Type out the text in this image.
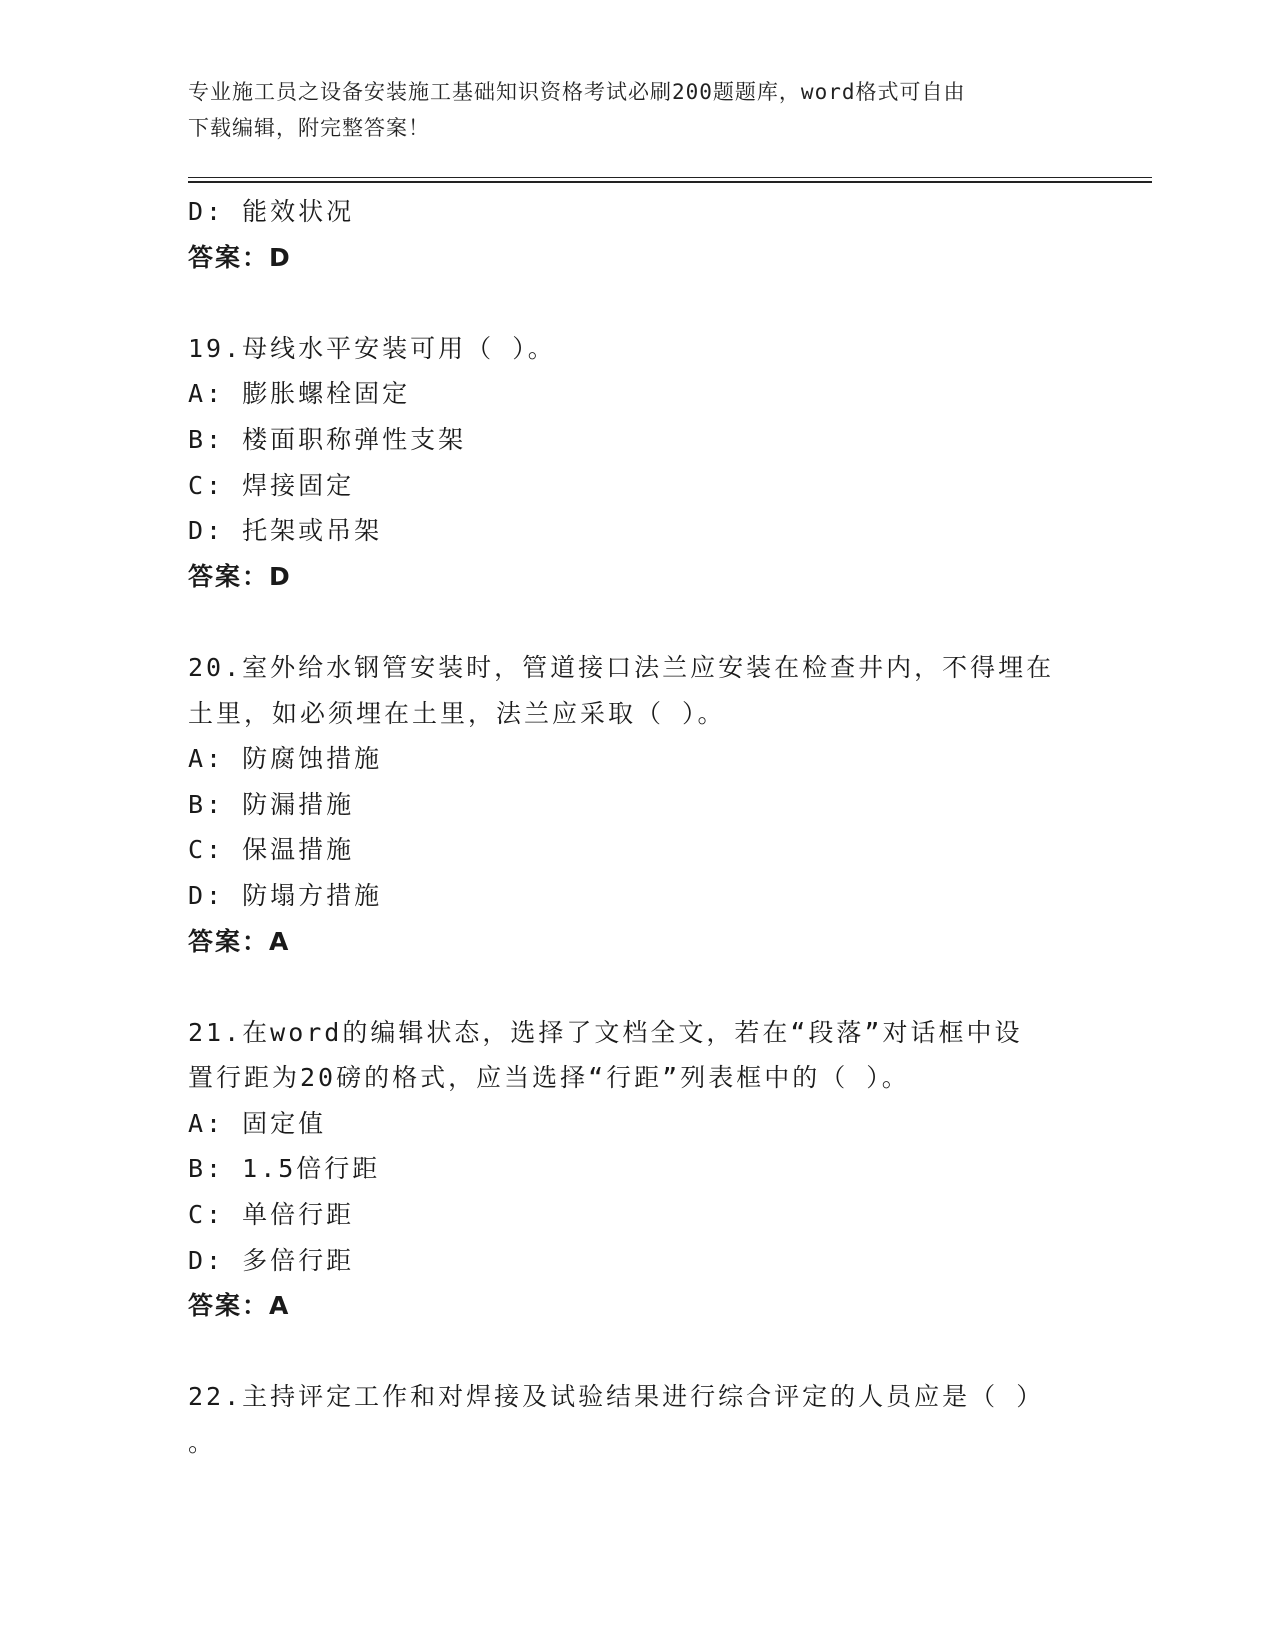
专业施工员之设备安装施工基础知识资格考试必刷200题题库，word格式可自由
下载编辑，附完整答案！
D: 能效状况
答案：D
19.母线水平安装可用（ ）。
A: 膨胀螺栓固定
B: 楼面职称弹性支架
C: 焊接固定
D: 托架或吊架
答案：D
20.室外给水钢管安装时，管道接口法兰应安装在检查井内，不得埋在
土里，如必须埋在土里，法兰应采取（ ）。
A: 防腐蚀措施
B: 防漏措施
C: 保温措施
D: 防塌方措施
答案：A
21.在word的编辑状态，选择了文档全文，若在“段落”对话框中设
置行距为20磅的格式，应当选择“行距”列表框中的（ ）。
A: 固定值
B: 1.5倍行距
C: 单倍行距
D: 多倍行距
答案：A
22.主持评定工作和对焊接及试验结果进行综合评定的人员应是（ ）
。
